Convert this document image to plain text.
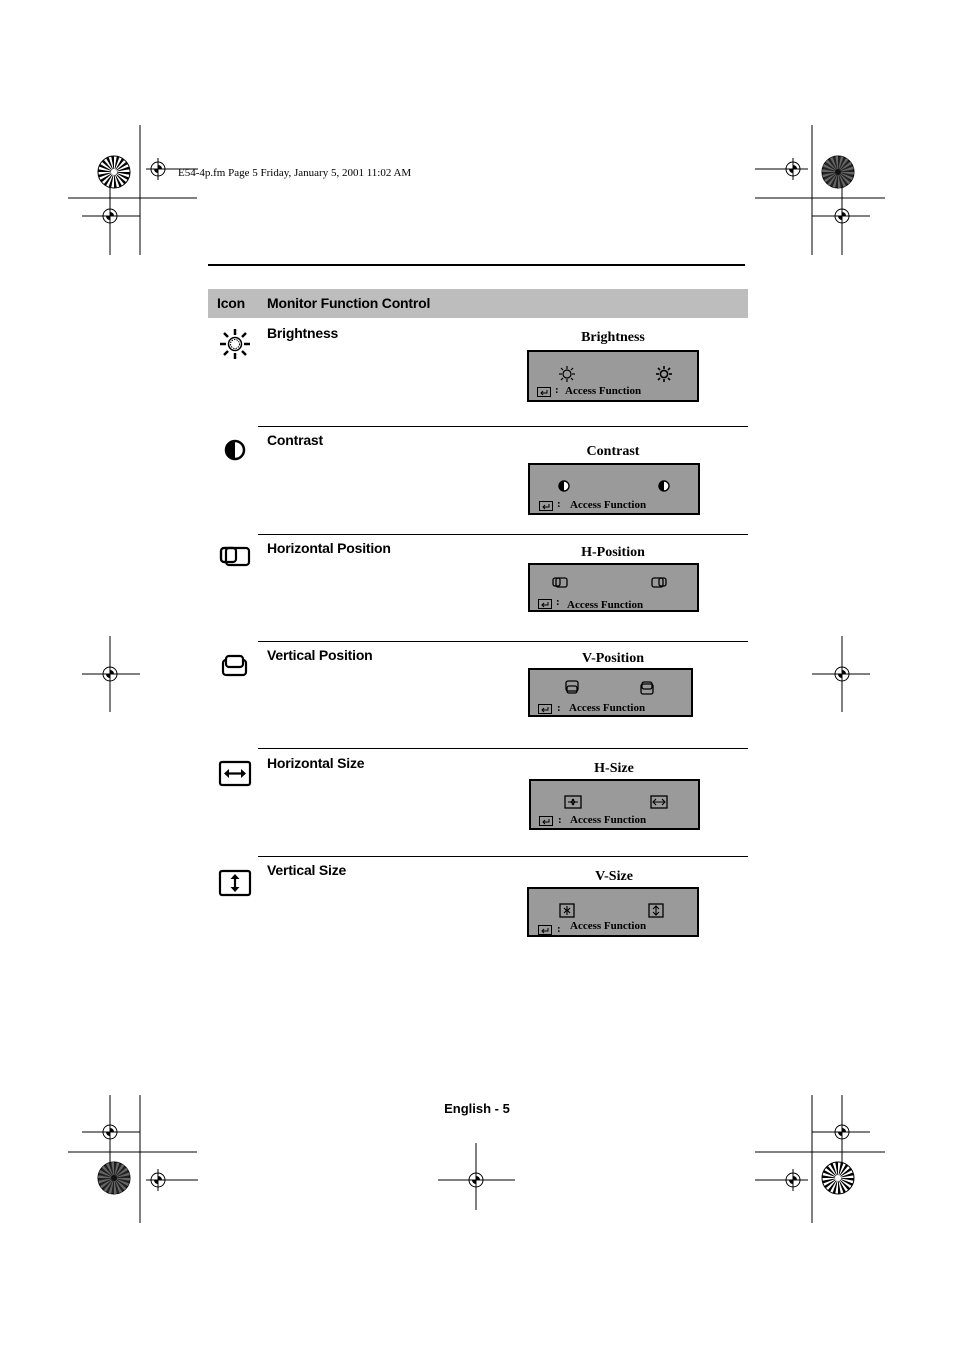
E54-4p.fm Page 5 Friday, January 5, 2001 11:02 AM
Icon Monitor Function Control
Brightness	Brightness
: Access Function
Contrast
Contrast
: Access Function
Horizontal Position	H-Position
: Access Function
Vertical Position	V-Position
: Access Function
Horizontal Size	H-Size
: Access Function
Vertical Size	V-Size
: Access Function
English - 5
